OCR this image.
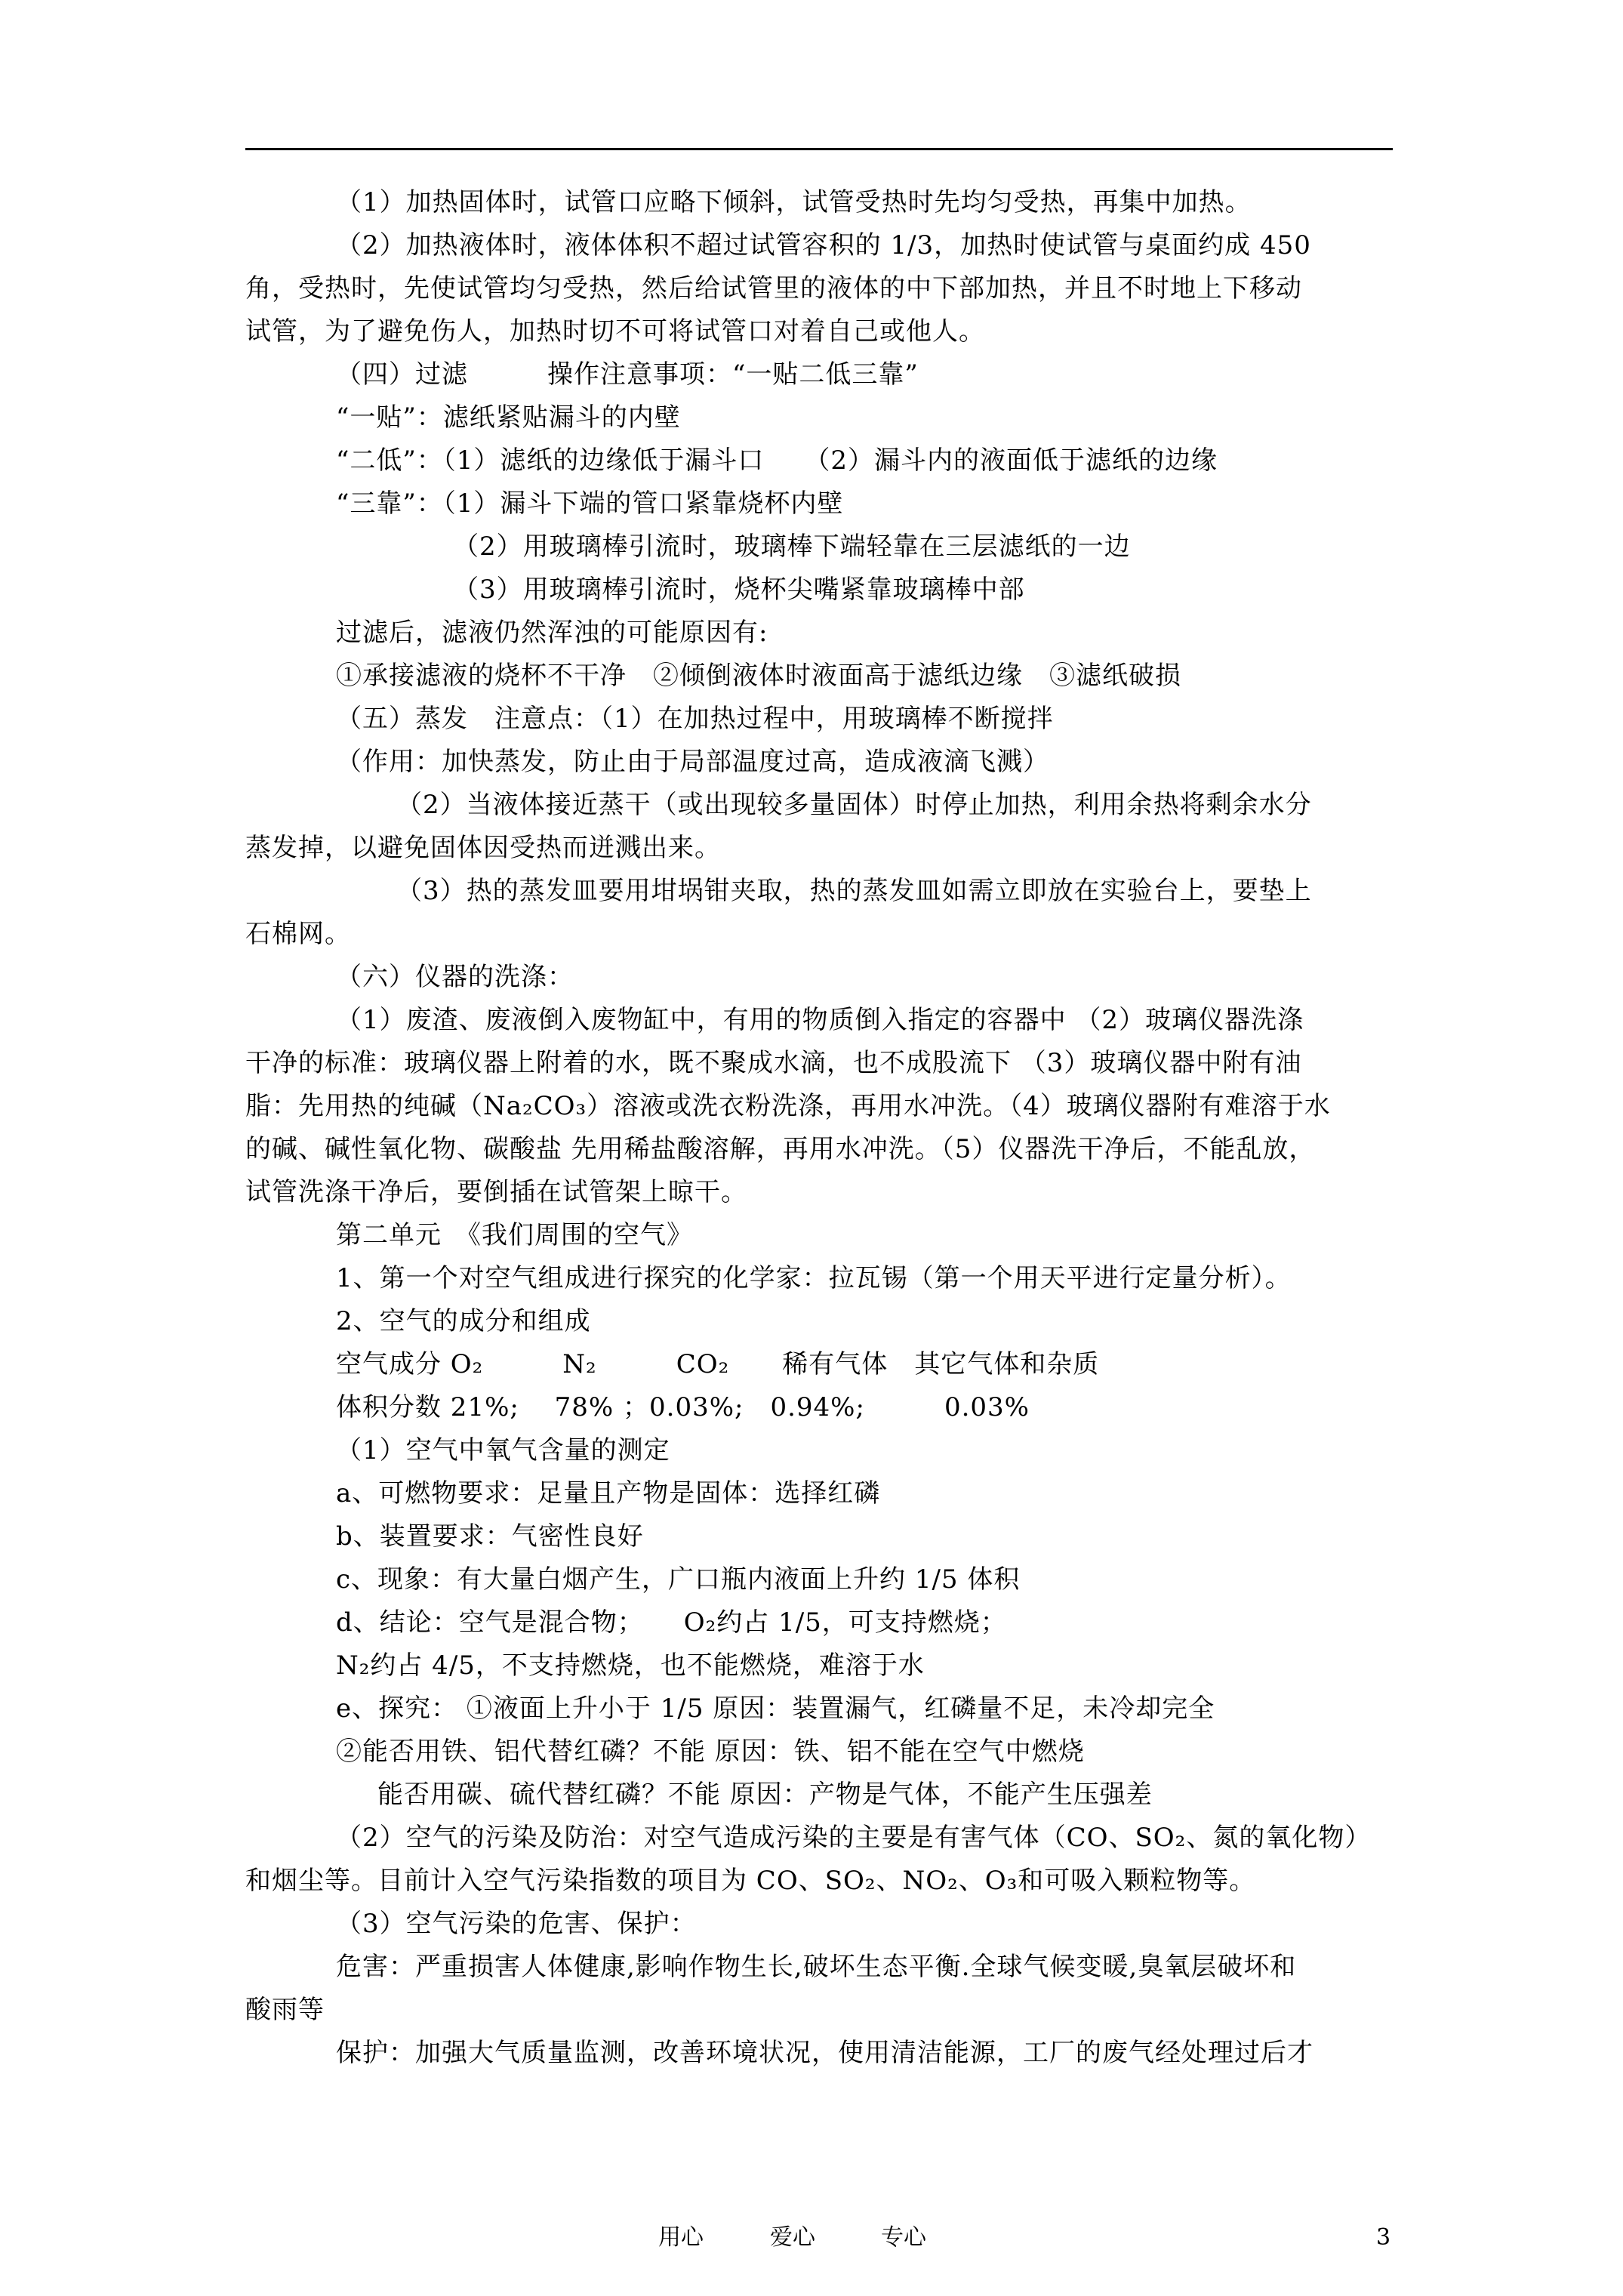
（1）加热固体时，试管口应略下倾斜，试管受热时先均匀受热，再集中加热。
（2）加热液体时，液体体积不超过试管容积的 1/3，加热时使试管与桌面约成 450
角，受热时，先使试管均匀受热，然后给试管里的液体的中下部加热，并且不时地上下移动
试管，为了避免伤人，加热时切不可将试管口对着自己或他人。
（四）过滤　　　操作注意事项：“一贴二低三靠”
“一贴”：滤纸紧贴漏斗的内壁
“二低”：（1）滤纸的边缘低于漏斗口　　（2）漏斗内的液面低于滤纸的边缘
“三靠”：（1）漏斗下端的管口紧靠烧杯内壁
（2）用玻璃棒引流时，玻璃棒下端轻靠在三层滤纸的一边
（3）用玻璃棒引流时，烧杯尖嘴紧靠玻璃棒中部
过滤后，滤液仍然浑浊的可能原因有:
①承接滤液的烧杯不干净　②倾倒液体时液面高于滤纸边缘　③滤纸破损
（五）蒸发　注意点：（1）在加热过程中，用玻璃棒不断搅拌
（作用：加快蒸发，防止由于局部温度过高，造成液滴飞溅）
（2）当液体接近蒸干（或出现较多量固体）时停止加热，利用余热将剩余水分
蒸发掉，以避免固体因受热而迸溅出来。
（3）热的蒸发皿要用坩埚钳夹取，热的蒸发皿如需立即放在实验台上，要垫上
石棉网。
（六）仪器的洗涤：
（1）废渣、废液倒入废物缸中，有用的物质倒入指定的容器中 （2）玻璃仪器洗涤
干净的标准：玻璃仪器上附着的水，既不聚成水滴，也不成股流下 （3）玻璃仪器中附有油
脂：先用热的纯碱（Na₂CO₃）溶液或洗衣粉洗涤，再用水冲洗。（4）玻璃仪器附有难溶于水
的碱、碱性氧化物、碳酸盐 先用稀盐酸溶解，再用水冲洗。（5）仪器洗干净后，不能乱放，
试管洗涤干净后，要倒插在试管架上晾干。
第二单元　《我们周围的空气》
1、第一个对空气组成进行探究的化学家：拉瓦锡（第一个用天平进行定量分析）。
2、空气的成分和组成
空气成分 O₂　　　N₂　　　CO₂　　稀有气体　其它气体和杂质
体积分数 21%;　 78% ；0.03%;　0.94%;　　　0.03%
（1）空气中氧气含量的测定
a、可燃物要求：足量且产物是固体：选择红磷
b、装置要求：气密性良好
c、现象：有大量白烟产生，广口瓶内液面上升约 1/5 体积
d、结论：空气是混合物；　　O₂约占 1/5，可支持燃烧；
N₂约占 4/5，不支持燃烧，也不能燃烧，难溶于水
e、探究： ①液面上升小于 1/5 原因：装置漏气，红磷量不足，未冷却完全
②能否用铁、铝代替红磷？不能 原因：铁、铝不能在空气中燃烧
能否用碳、硫代替红磷？不能 原因：产物是气体，不能产生压强差
（2）空气的污染及防治：对空气造成污染的主要是有害气体（CO、SO₂、氮的氧化物）
和烟尘等。目前计入空气污染指数的项目为 CO、SO₂、NO₂、O₃和可吸入颗粒物等。
（3）空气污染的危害、保护：
危害：严重损害人体健康,影响作物生长,破坏生态平衡.全球气候变暖,臭氧层破坏和
酸雨等
保护：加强大气质量监测，改善环境状况，使用清洁能源，工厂的废气经处理过后才
用心	爱心	专心	3
